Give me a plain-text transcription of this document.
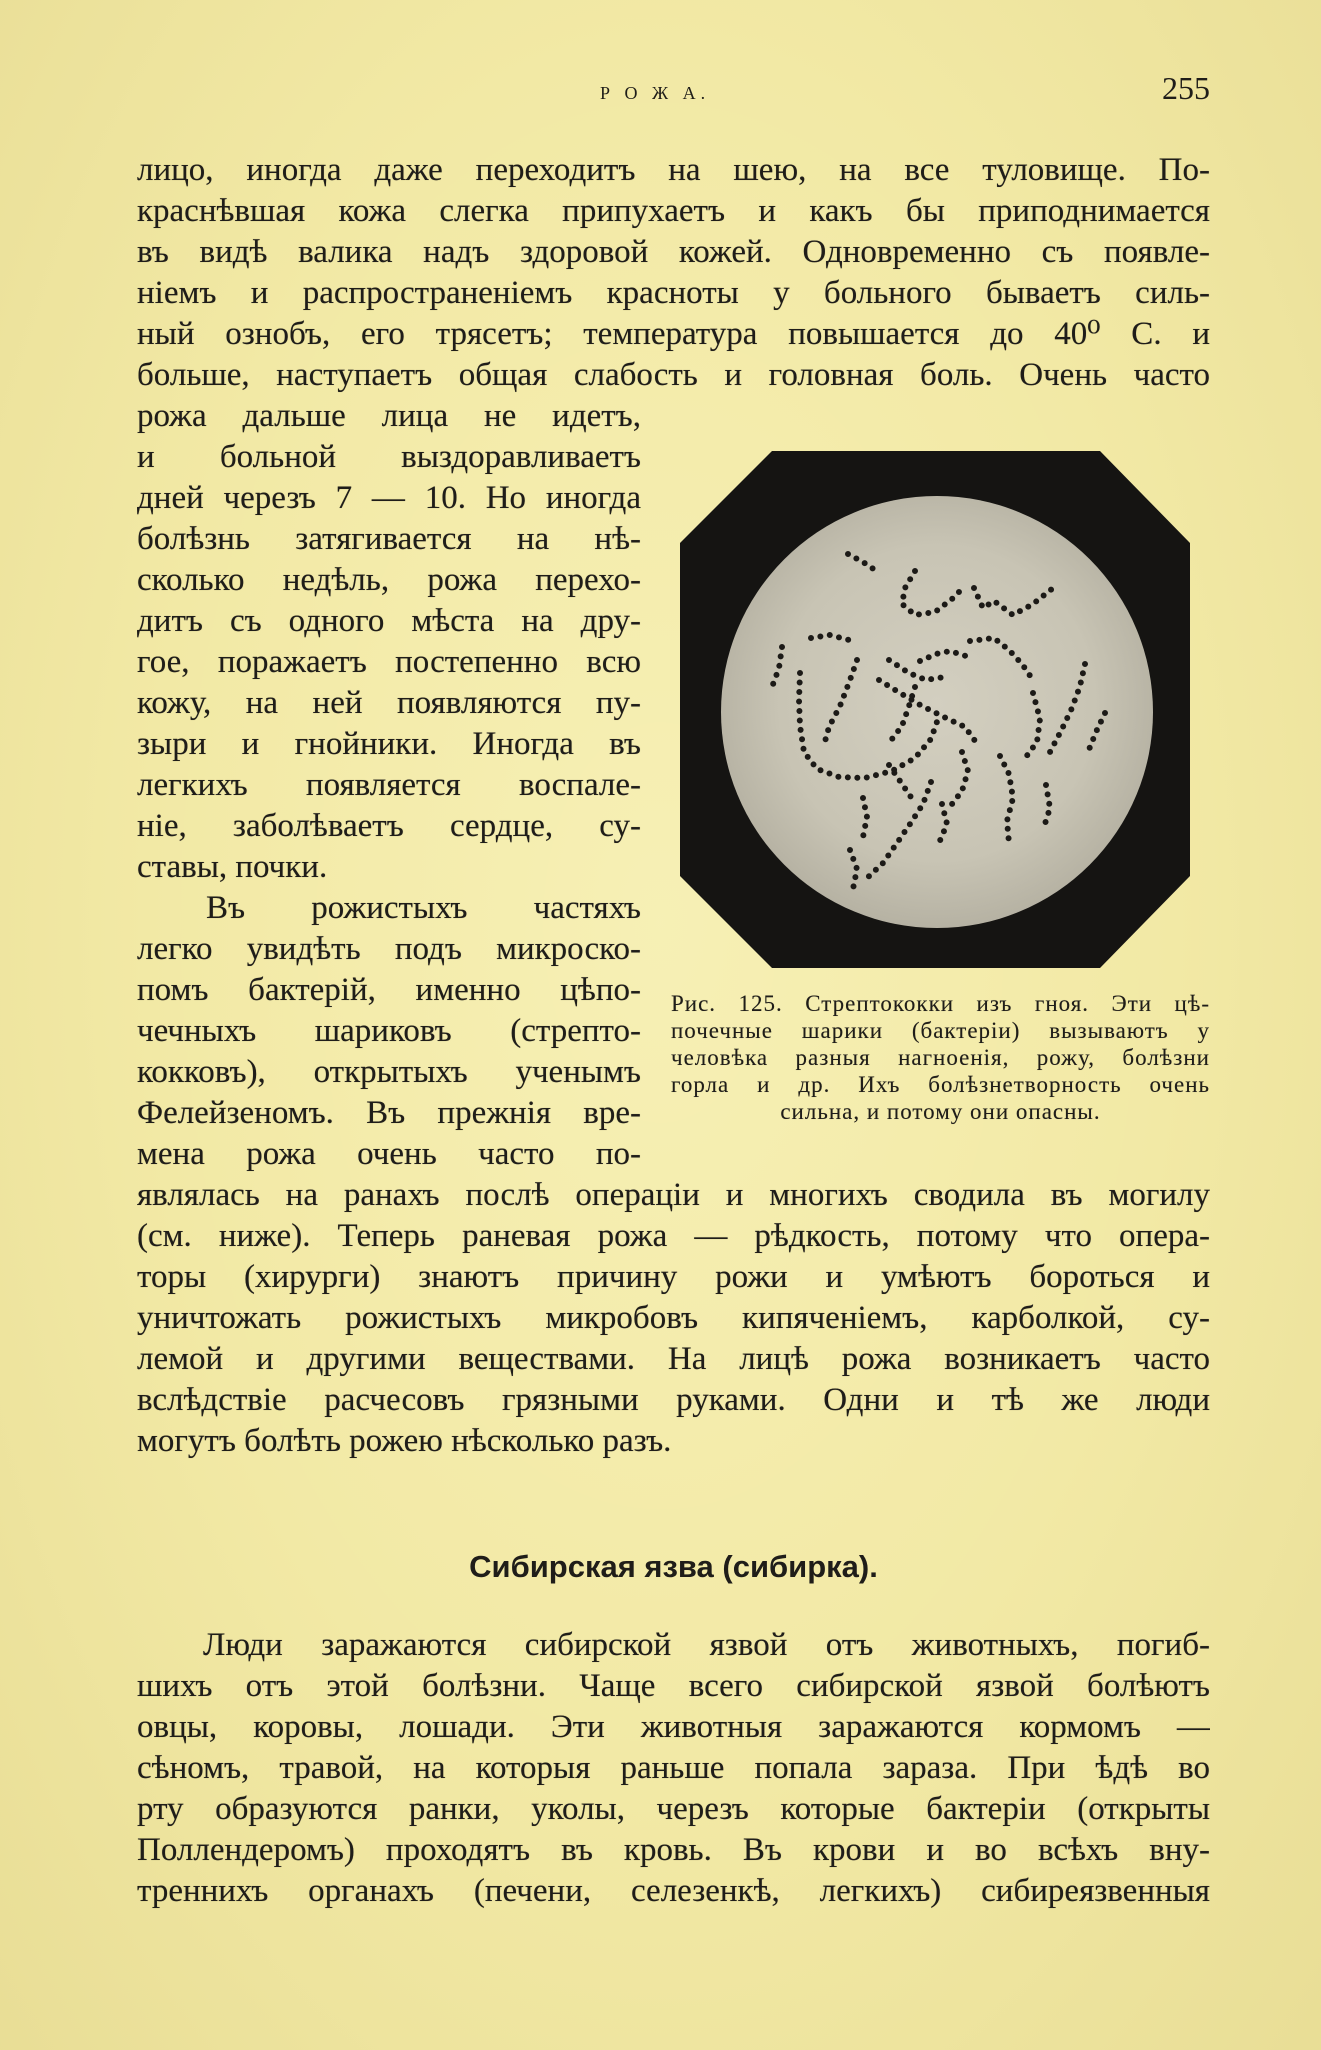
Р О Ж А.	255
лицо, иногда даже переходитъ на шею, на все туловище. По-
краснѣвшая кожа слегка припухаетъ и какъ бы приподнимается
въ видѣ валика надъ здоровой кожей. Одновременно съ появле-
ніемъ и распространеніемъ красноты у больного бываетъ силь-
ный ознобъ, его трясетъ; температура повышается до 40⁰ С. и
больше, наступаетъ общая слабость и головная боль. Очень часто
рожа дальше лица не идетъ,
и больной выздоравливаетъ
дней черезъ 7 — 10. Но иногда
болѣзнь затягивается на нѣ-
сколько недѣль, рожа перехо-
дитъ съ одного мѣста на дру-
гое, поражаетъ постепенно всю
кожу, на ней появляются пу-
зыри и гнойники. Иногда въ
легкихъ появляется воспале-
ніе, заболѣваетъ сердце, су-
ставы, почки.
Въ рожистыхъ частяхъ
легко увидѣть подъ микроско-
помъ бактерій, именно цѣпо-
чечныхъ шариковъ (стрепто-
кокковъ), открытыхъ ученымъ
Фелейзеномъ. Въ прежнія вре-
мена рожа очень часто по-
Рис. 125. Стрептококки изъ гноя. Эти цѣ-
почечные шарики (бактеріи) вызываютъ у
человѣка разныя нагноенія, рожу, болѣзни
горла и др. Ихъ болѣзнетворность очень
сильна, и потому они опасны.
являлась на ранахъ послѣ операціи и многихъ сводила въ могилу
(см. ниже). Теперь раневая рожа — рѣдкость, потому что опера-
торы (хирурги) знаютъ причину рожи и умѣютъ бороться и
уничтожать рожистыхъ микробовъ кипяченіемъ, карболкой, су-
лемой и другими веществами. На лицѣ рожа возникаетъ часто
вслѣдствіе расчесовъ грязными руками. Одни и тѣ же люди
могутъ болѣть рожею нѣсколько разъ.
Сибирская язва (сибирка).
Люди заражаются сибирской язвой отъ животныхъ, погиб-
шихъ отъ этой болѣзни. Чаще всего сибирской язвой болѣютъ
овцы, коровы, лошади. Эти животныя заражаются кормомъ —
сѣномъ, травой, на которыя раньше попала зараза. При ѣдѣ во
рту образуются ранки, уколы, черезъ которые бактеріи (открыты
Поллендеромъ) проходятъ въ кровь. Въ крови и во всѣхъ вну-
треннихъ органахъ (печени, селезенкѣ, легкихъ) сибиреязвенныя
